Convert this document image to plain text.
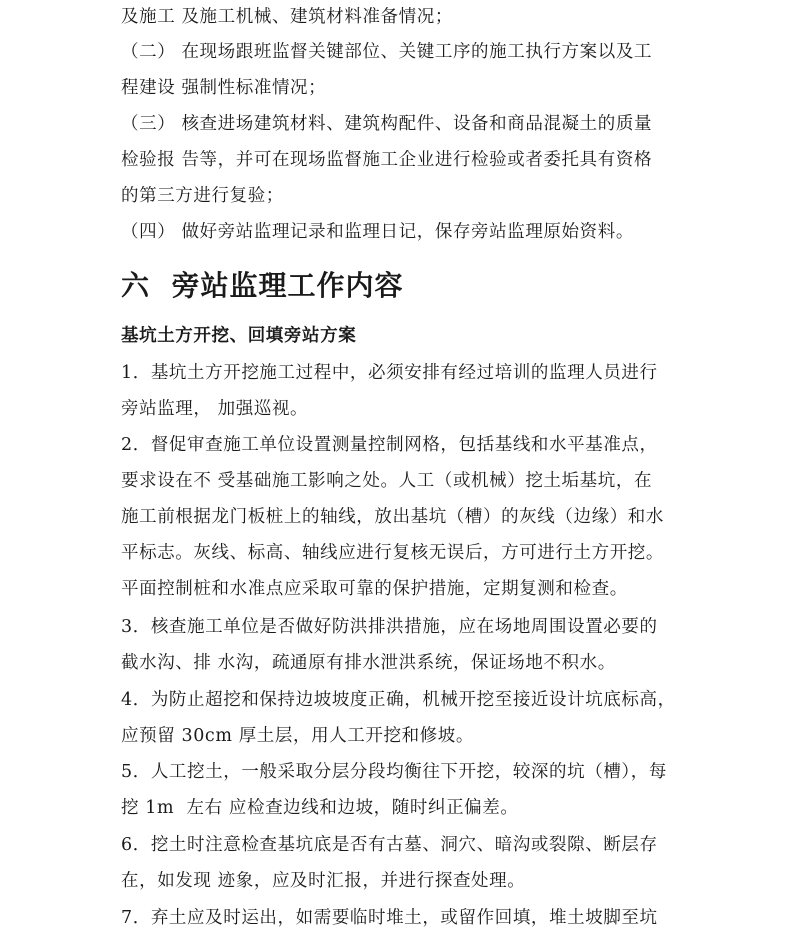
及施工 及施工机械、建筑材料准备情况；
（二） 在现场跟班监督关键部位、关键工序的施工执行方案以及工
程建设 强制性标准情况；
（三） 核查进场建筑材料、建筑构配件、设备和商品混凝土的质量
检验报 告等，并可在现场监督施工企业进行检验或者委托具有资格
的第三方进行复验；
（四） 做好旁站监理记录和监理日记，保存旁站监理原始资料。
六  旁站监理工作内容
基坑土方开挖、回填旁站方案
1．基坑土方开挖施工过程中，必须安排有经过培训的监理人员进行
旁站监理， 加强巡视。
2．督促审查施工单位设置测量控制网格，包括基线和水平基准点，
要求设在不 受基础施工影响之处。人工（或机械）挖土垢基坑，在
施工前根据龙门板桩上的轴线，放出基坑（槽）的灰线（边缘）和水
平标志。灰线、标高、轴线应进行复核无误后，方可进行土方开挖。
平面控制桩和水准点应采取可靠的保护措施，定期复测和检查。
3．核查施工单位是否做好防洪排洪措施，应在场地周围设置必要的
截水沟、排 水沟，疏通原有排水泄洪系统，保证场地不积水。
4．为防止超挖和保持边坡坡度正确，机械开挖至接近设计坑底标高，
应预留 30cm 厚土层，用人工开挖和修坡。
5．人工挖土，一般采取分层分段均衡往下开挖，较深的坑（槽），每
挖 1m  左右 应检查边线和边坡，随时纠正偏差。
6．挖土时注意检查基坑底是否有古墓、洞穴、暗沟或裂隙、断层存
在，如发现 迹象，应及时汇报，并进行探查处理。
7．弃土应及时运出，如需要临时堆土，或留作回填，堆土坡脚至坑
